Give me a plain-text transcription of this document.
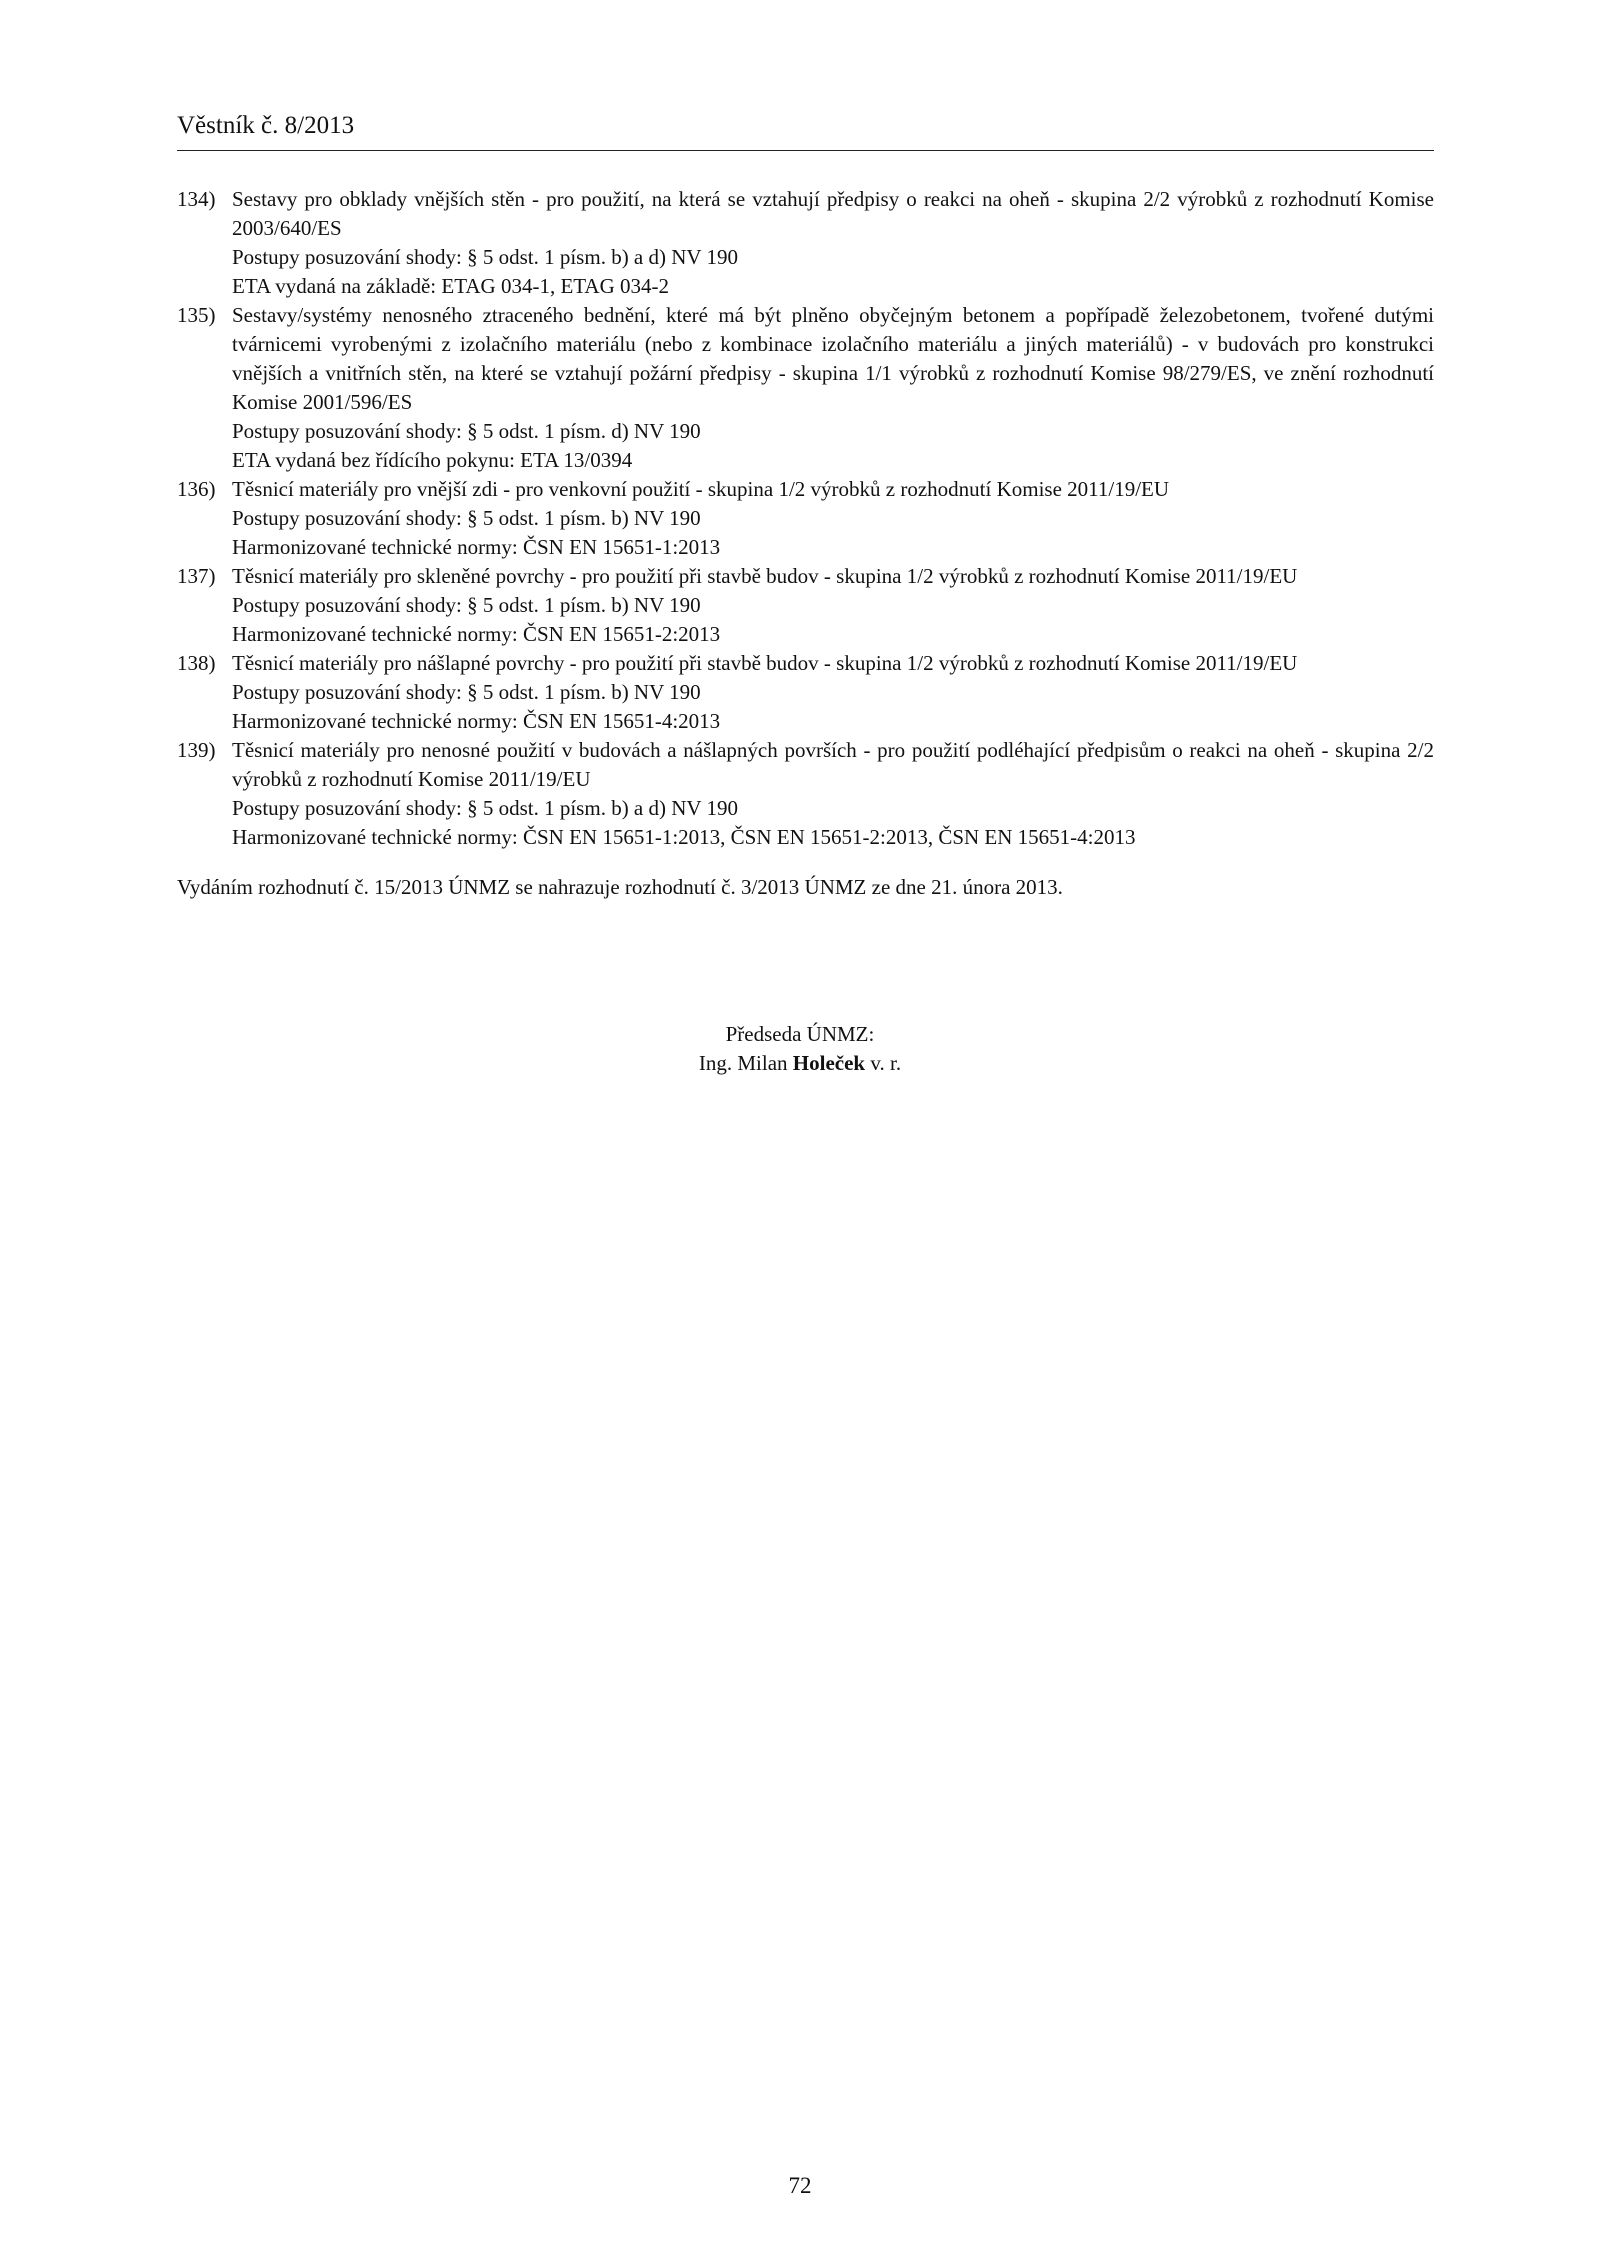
Věstník č. 8/2013
134) Sestavy pro obklady vnějších stěn - pro použití, na která se vztahují předpisy o reakci na oheň - skupina 2/2 výrobků z rozhodnutí Komise 2003/640/ES
Postupy posuzování shody: § 5 odst. 1 písm. b) a d) NV 190
ETA vydaná na základě: ETAG 034-1, ETAG 034-2
135) Sestavy/systémy nenosného ztraceného bednění, které má být plněno obyčejným betonem a popřípadě železobetonem, tvořené dutými tvárnicemi vyrobenými z izolačního materiálu (nebo z kombinace izolačního materiálu a jiných materiálů) - v budovách pro konstrukci vnějších a vnitřních stěn, na které se vztahují požární předpisy - skupina 1/1 výrobků z rozhodnutí Komise 98/279/ES, ve znění rozhodnutí Komise 2001/596/ES
Postupy posuzování shody: § 5 odst. 1 písm. d) NV 190
ETA vydaná bez řídícího pokynu: ETA 13/0394
136) Těsnicí materiály pro vnější zdi - pro venkovní použití - skupina 1/2 výrobků z rozhodnutí Komise 2011/19/EU
Postupy posuzování shody: § 5 odst. 1 písm. b) NV 190
Harmonizované technické normy: ČSN EN 15651-1:2013
137) Těsnicí materiály pro skleněné povrchy - pro použití při stavbě budov - skupina 1/2 výrobků z rozhodnutí Komise 2011/19/EU
Postupy posuzování shody: § 5 odst. 1 písm. b) NV 190
Harmonizované technické normy: ČSN EN 15651-2:2013
138) Těsnicí materiály pro nášlapné povrchy - pro použití při stavbě budov - skupina 1/2 výrobků z rozhodnutí Komise 2011/19/EU
Postupy posuzování shody: § 5 odst. 1 písm. b) NV 190
Harmonizované technické normy: ČSN EN 15651-4:2013
139) Těsnicí materiály pro nenosné použití v budovách a nášlapných površích - pro použití podléhající předpisům o reakci na oheň - skupina 2/2 výrobků z rozhodnutí Komise 2011/19/EU
Postupy posuzování shody: § 5 odst. 1 písm. b) a d) NV 190
Harmonizované technické normy: ČSN EN 15651-1:2013, ČSN EN 15651-2:2013, ČSN EN 15651-4:2013
Vydáním rozhodnutí č. 15/2013 ÚNMZ se nahrazuje rozhodnutí č. 3/2013 ÚNMZ ze dne 21. února 2013.
Předseda ÚNMZ:
Ing. Milan Holeček v. r.
72
